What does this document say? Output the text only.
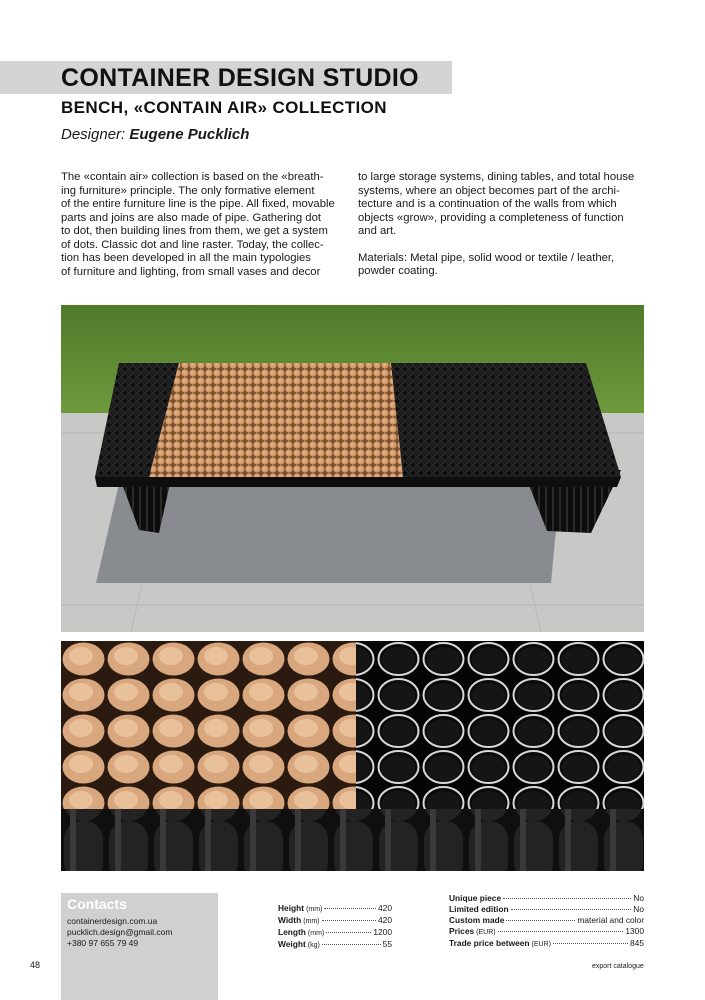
CONTAINER DESIGN STUDIO
BENCH, «CONTAIN AIR» COLLECTION
Designer: Eugene Pucklich
The «contain air» collection is based on the «breath-
ing furniture» principle. The only formative element
of the entire furniture line is the pipe. All fixed, movable
parts and joins are also made of pipe. Gathering dot
to dot, then building lines from them, we get a system
of dots. Classic dot and line raster. Today, the collec-
tion has been developed in all the main typologies
of furniture and lighting, from small vases and decor

to large storage systems, dining tables, and total house
systems, where an object becomes part of the archi-
tecture and is a continuation of the walls from which
objects «grow», providing a completeness of function
and art.

Materials: Metal pipe, solid wood or textile / leather,
powder coating.

Contacts
containerdesign.com.ua
pucklich.design@gmail.com
+380 97 655 79 49
Height (mm)	420
Width (mm)	420
Length (mm)	1200
Weight (kg)	55
Unique piece	No
Limited edition	No
Custom made	material and color
Prices (EUR)	1300
Trade price between (EUR)	845
48	export catalogue
